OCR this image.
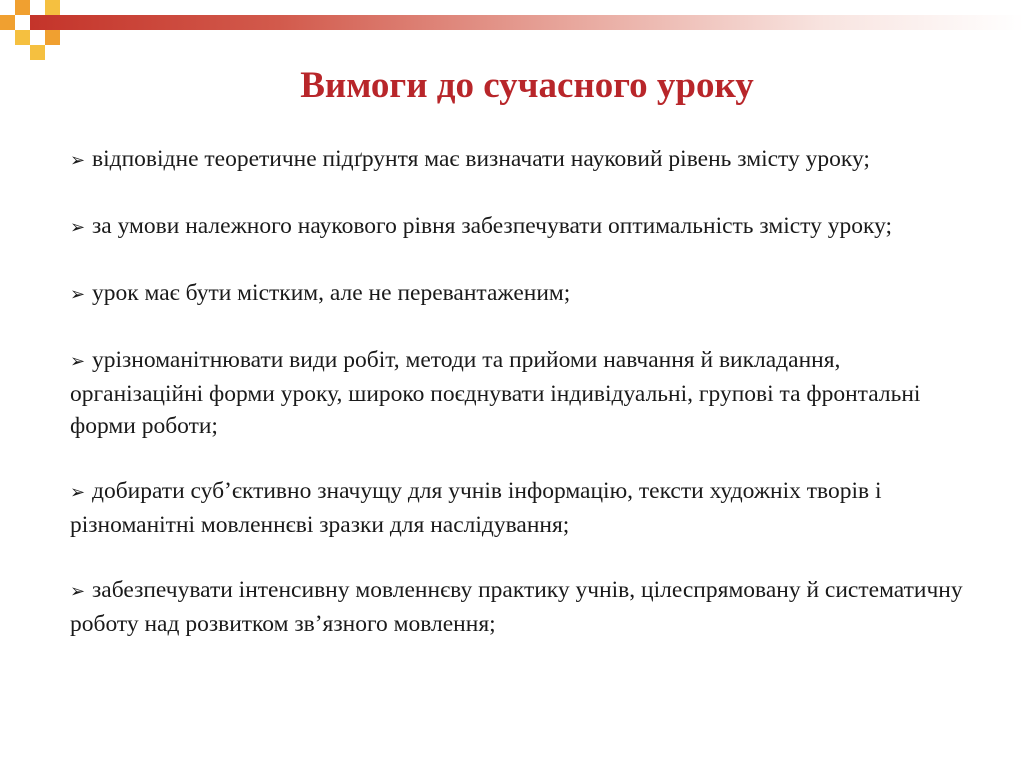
Вимоги до сучасного уроку

➢ відповідне теоретичне підґрунтя має визначати науковий рівень змісту уроку;

➢ за умови належного наукового рівня забезпечувати оптимальність змісту уроку;

➢ урок має бути містким, але не перевантаженим;

➢ урізноманітнювати види робіт, методи та прийоми навчання й викладання, організаційні форми уроку, широко поєднувати індивідуальні, групові та фронтальні форми роботи;

➢ добирати суб’єктивно значущу для учнів інформацію, тексти художніх творів і різноманітні мовленнєві зразки для наслідування;

➢ забезпечувати інтенсивну мовленнєву практику учнів, цілеспрямовану й систематичну роботу над розвитком зв’язного мовлення;
